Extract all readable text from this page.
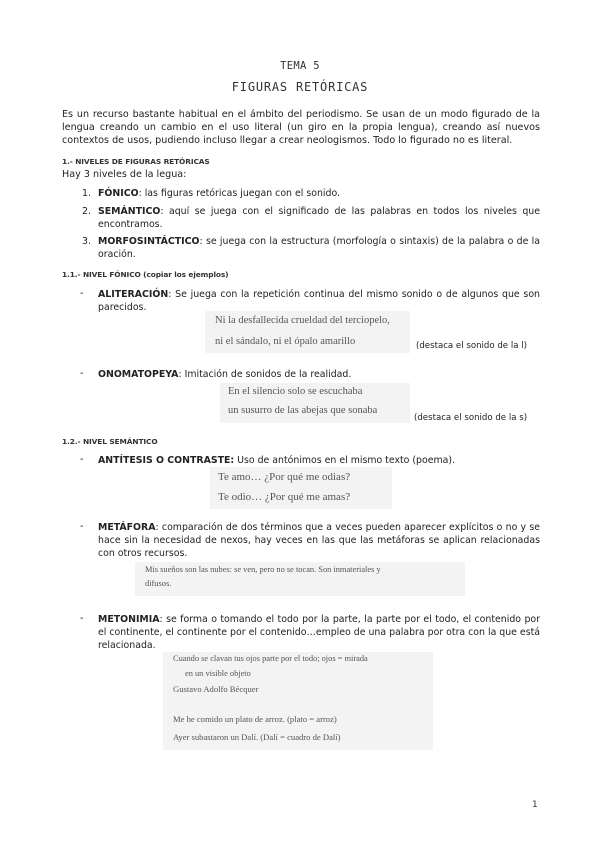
TEMA 5
FIGURAS RETÓRICAS
Es un recurso bastante habitual en el ámbito del periodismo. Se usan de un modo figurado de la lengua creando un cambio en el uso literal (un giro en la propia lengua), creando así nuevos contextos de usos, pudiendo incluso llegar a crear neologismos. Todo lo figurado no es literal.
1.- NIVELES DE FIGURAS RETÓRICAS
Hay 3 niveles de la legua:
1. FÓNICO: las figuras retóricas juegan con el sonido.
2. SEMÁNTICO: aquí se juega con el significado de las palabras en todos los niveles que encontramos.
3. MORFOSINTÁCTICO: se juega con la estructura (morfología o sintaxis) de la palabra o de la oración.
1.1.- NIVEL FÓNICO (copiar los ejemplos)
- ALITERACIÓN: Se juega con la repetición continua del mismo sonido o de algunos que son parecidos.
Ni la desfallecida crueldad del terciopelo,
ni el sándalo, ni el ópalo amarillo	(destaca el sonido de la l)
- ONOMATOPEYA: Imitación de sonidos de la realidad.
En el silencio solo se escuchaba
un susurro de las abejas que sonaba
(destaca el sonido de la s)
1.2.- NIVEL SEMÁNTICO
- ANTÍTESIS O CONTRASTE: Uso de antónimos en el mismo texto (poema).
Te amo… ¿Por qué me odias?
Te odio… ¿Por qué me amas?
- METÁFORA: comparación de dos términos que a veces pueden aparecer explícitos o no y se hace sin la necesidad de nexos, hay veces en las que las metáforas se aplican relacionadas con otros recursos.
Mis sueños son las nubes: se ven, pero no se tocan. Son inmateriales y
difusos.
- METONIMIA: se forma o tomando el todo por la parte, la parte por el todo, el contenido por el continente, el continente por el contenido…empleo de una palabra por otra con la que está relacionada.
Cuando se clavan tus ojos parte por el todo; ojos = mirada
en un visible objeto
Gustavo Adolfo Bécquer
Me he comido un plato de arroz. (plato = arroz)
Ayer subastaron un Dalí. (Dalí = cuadro de Dalí)
1
